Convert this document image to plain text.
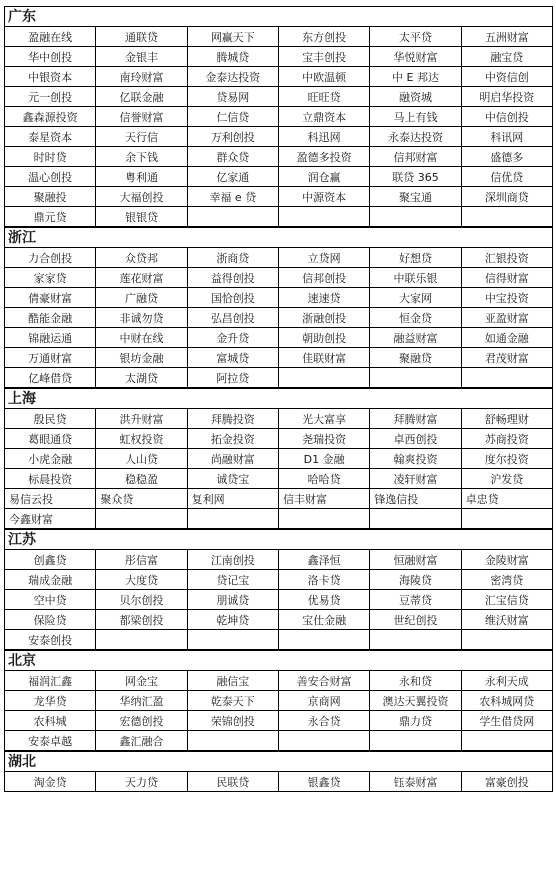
广东
盈融在线	通联贷	网赢天下	东方创投	太平贷	五洲财富
华中创投	金银丰	腾城贷	宝丰创投	华悦财富	融宝贷
中银资本	南玲财富	金泰达投资	中欧温顿	中 E 邦达	中资信创
元一创投	亿联金融	贷易网	旺旺贷	融资城	明启华投资
鑫森源投资	信誉财富	仁信贷	立鼎资本	马上有钱	中信创投
泰星资本	天行信	万利创投	科迅网	永泰达投资	科讯网
时时贷	余下钱	群众贷	盈德多投资	信邦财富	盛德多
温心创投	粤利通	亿家通	润仓赢	联贷 365	信优贷
聚融投	大福创投	幸福 e 贷	中源资本	聚宝通	深圳商贷
鼎元贷	银银贷				
浙江
力合创投	众贷邦	浙商贷	立贷网	好想贷	汇银投资
家家贷	莲花财富	益得创投	信邦创投	中联乐银	信得财富
倩豪财富	广融贷	国恰创投	速速贷	大家网	中宝投资
酷能金融	非诚勿贷	弘昌创投	浙融创投	恒金贷	亚盈财富
锦融运通	中财在线	金升贷	朝助创投	融益财富	如通金融
万通财富	银坊金融	富城贷	佳联财富	聚融贷	君茂财富
亿峰借贷	太湖贷	阿拉贷			
上海
殷民贷	洪升财富	拜腾投资	光大富享	拜腾财富	舒畅理财
葛眼通贷	虹权投资	拓金投资	尧瑞投资	卓西创投	苏商投资
小虎金融	人山贷	尚融财富	D1 金融	翰爽投资	度尔投资
标晨投资	稳稳盈	诚贷宝	哈哈贷	凌轩财富	沪发贷
易信云投	聚众贷	复利网	信丰财富	锋逸信投	卓忠贷
今鑫财富					
江苏
创鑫贷	彤信富	江南创投	鑫泽恒	恒融财富	金陵财富
瑞成金融	大度贷	贷记宝	洛卡贷	海陵贷	密湾贷
空中贷	贝尔创投	朋诚贷	优易贷	豆蒂贷	汇宝信贷
保险贷	都梁创投	乾坤贷	宝仕金融	世纪创投	维沃财富
安泰创投					
北京
福润汇鑫	网金宝	融信宝	善安合财富	永和贷	永利天成
龙华贷	华纳汇盈	乾泰天下	京商网	澳达天翼投资	农科城网贷
农科城	宏德创投	荣锦创投	永合贷	鼎力贷	学生借贷网
安泰卓越	鑫汇融合				
湖北
淘金贷	天力贷	民联贷	银鑫贷	钰泰财富	富豪创投
